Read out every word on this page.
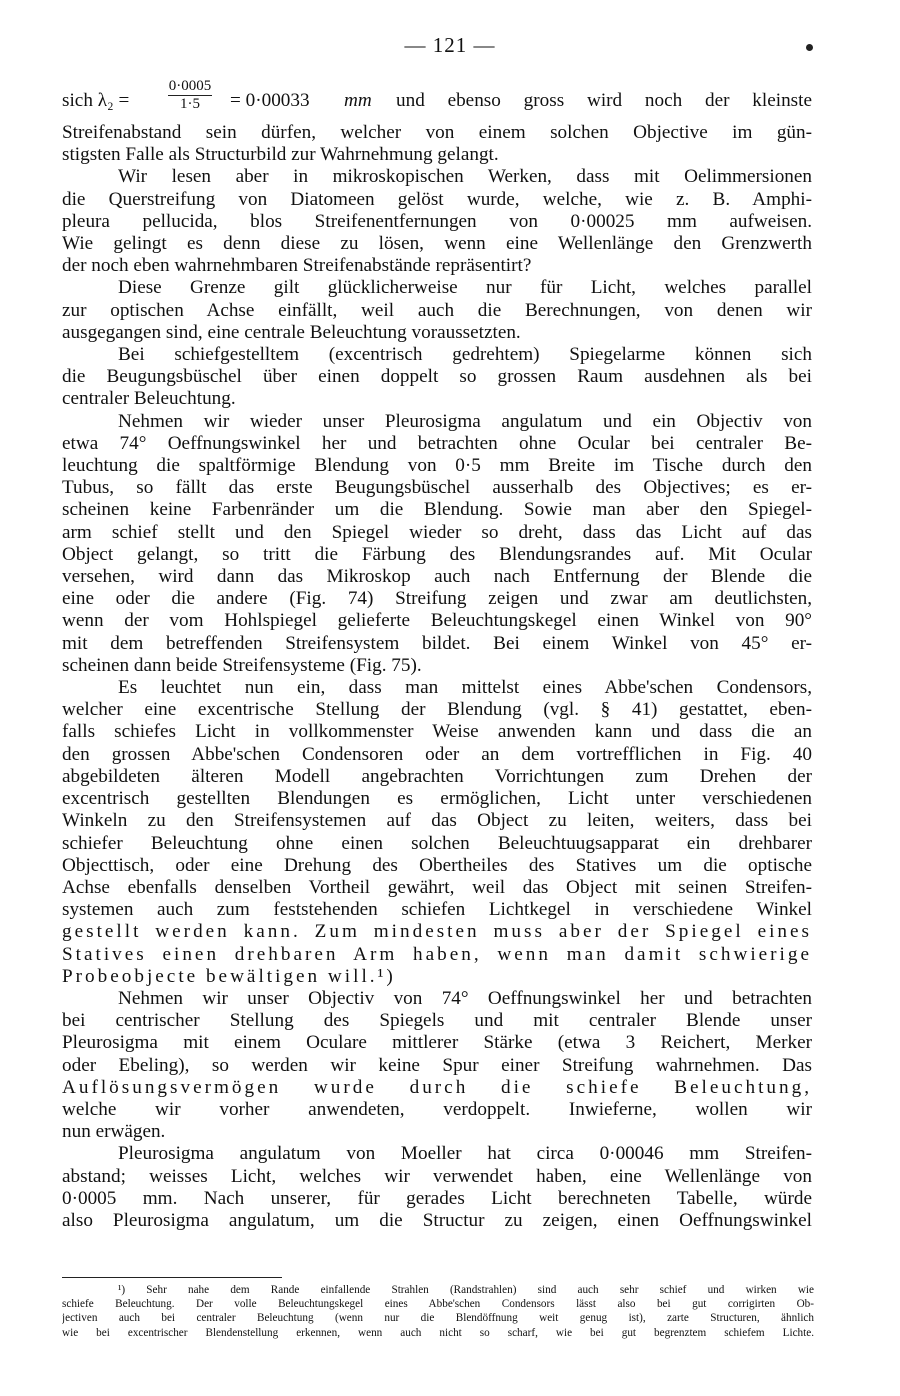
— 121 —
sich λ₂ =	$\frac{0\cdot 0005}{1\cdot 5} = 0\cdot 00033$ mm und ebenso gross wird noch der kleinste
Streifenabstand sein dürfen, welcher von einem solchen Objective im gün-
stigsten Falle als Structurbild zur Wahrnehmung gelangt.
Wir lesen aber in mikroskopischen Werken, dass mit Oelimmersionen
die Querstreifung von Diatomeen gelöst wurde, welche, wie z. B. Amphi-
pleura pellucida, blos Streifenentfernungen von 0·00025 mm aufweisen.
Wie gelingt es denn diese zu lösen, wenn eine Wellenlänge den Grenzwerth
der noch eben wahrnehmbaren Streifenabstände repräsentirt?
Diese Grenze gilt glücklicherweise nur für Licht, welches parallel
zur optischen Achse einfällt, weil auch die Berechnungen, von denen wir
ausgegangen sind, eine centrale Beleuchtung voraussetzten.
Bei schiefgestelltem (excentrisch gedrehtem) Spiegelarme können sich
die Beugungsbüschel über einen doppelt so grossen Raum ausdehnen als bei
centraler Beleuchtung.
Nehmen wir wieder unser Pleurosigma angulatum und ein Objectiv von
etwa 74° Oeffnungswinkel her und betrachten ohne Ocular bei centraler Be-
leuchtung die spaltförmige Blendung von 0·5 mm Breite im Tische durch den
Tubus, so fällt das erste Beugungsbüschel ausserhalb des Objectives; es er-
scheinen keine Farbenränder um die Blendung. Sowie man aber den Spiegel-
arm schief stellt und den Spiegel wieder so dreht, dass das Licht auf das
Object gelangt, so tritt die Färbung des Blendungsrandes auf. Mit Ocular
versehen, wird dann das Mikroskop auch nach Entfernung der Blende die
eine oder die andere (Fig. 74) Streifung zeigen und zwar am deutlichsten,
wenn der vom Hohlspiegel gelieferte Beleuchtungskegel einen Winkel von 90°
mit dem betreffenden Streifensystem bildet. Bei einem Winkel von 45° er-
scheinen dann beide Streifensysteme (Fig. 75).
Es leuchtet nun ein, dass man mittelst eines Abbe'schen Condensors,
welcher eine excentrische Stellung der Blendung (vgl. § 41) gestattet, eben-
falls schiefes Licht in vollkommenster Weise anwenden kann und dass die an
den grossen Abbe'schen Condensoren oder an dem vortrefflichen in Fig. 40
abgebildeten älteren Modell angebrachten Vorrichtungen zum Drehen der
excentrisch gestellten Blendungen es ermöglichen, Licht unter verschiedenen
Winkeln zu den Streifensystemen auf das Object zu leiten, weiters, dass bei
schiefer Beleuchtung ohne einen solchen Beleuchtuugsapparat ein drehbarer
Objecttisch, oder eine Drehung des Obertheiles des Statives um die optische
Achse ebenfalls denselben Vortheil gewährt, weil das Object mit seinen Streifen-
systemen auch zum feststehenden schiefen Lichtkegel in verschiedene Winkel
gestellt werden kann. Zum mindesten muss aber der Spiegel eines
Statives einen drehbaren Arm haben, wenn man damit schwierige
Probeobjecte bewältigen will.¹)
Nehmen wir unser Objectiv von 74° Oeffnungswinkel her und betrachten
bei centrischer Stellung des Spiegels und mit centraler Blende unser
Pleurosigma mit einem Oculare mittlerer Stärke (etwa 3 Reichert, Merker
oder Ebeling), so werden wir keine Spur einer Streifung wahrnehmen. Das
Auflösungsvermögen wurde durch die schiefe Beleuchtung,
welche wir vorher anwendeten, verdoppelt. Inwieferne, wollen wir
nun erwägen.
Pleurosigma angulatum von Moeller hat circa 0·00046 mm Streifen-
abstand; weisses Licht, welches wir verwendet haben, eine Wellenlänge von
0·0005 mm. Nach unserer, für gerades Licht berechneten Tabelle, würde
also Pleurosigma angulatum, um die Structur zu zeigen, einen Oeffnungswinkel
¹) Sehr nahe dem Rande einfallende Strahlen (Randstrahlen) sind auch sehr schief und wirken wie
schiefe Beleuchtung. Der volle Beleuchtungskegel eines Abbe'schen Condensors lässt also bei gut corrigirten Ob-
jectiven auch bei centraler Beleuchtung (wenn nur die Blendöffnung weit genug ist), zarte Structuren, ähnlich
wie bei excentrischer Blendenstellung erkennen, wenn auch nicht so scharf, wie bei gut begrenztem schiefem Lichte.
